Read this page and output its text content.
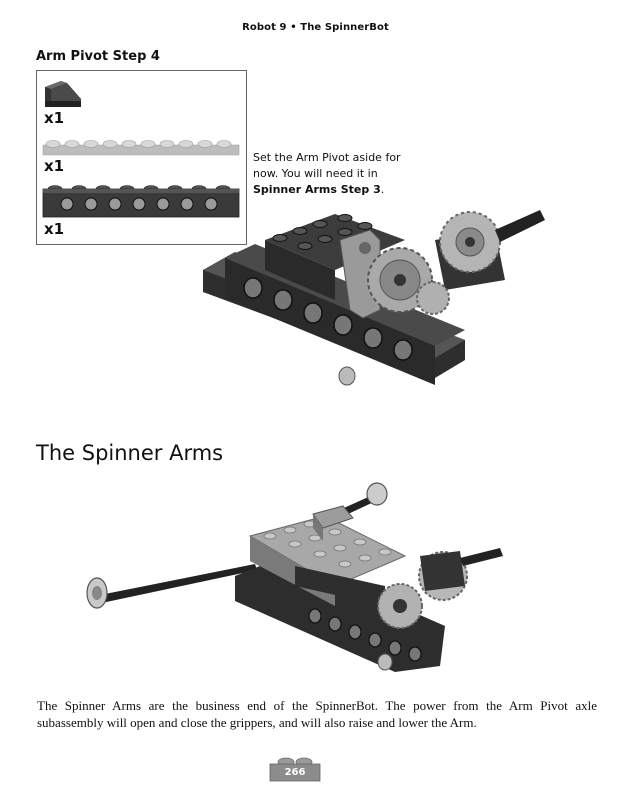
Robot 9 • The SpinnerBot
Arm Pivot Step 4
x1
x1
x1
Set the Arm Pivot aside for now. You will need it in Spinner Arms Step 3.
The Spinner Arms
The Spinner Arms are the business end of the SpinnerBot. The power from the Arm Pivot axle subassembly will open and close the grippers, and will also raise and lower the Arm.
266
